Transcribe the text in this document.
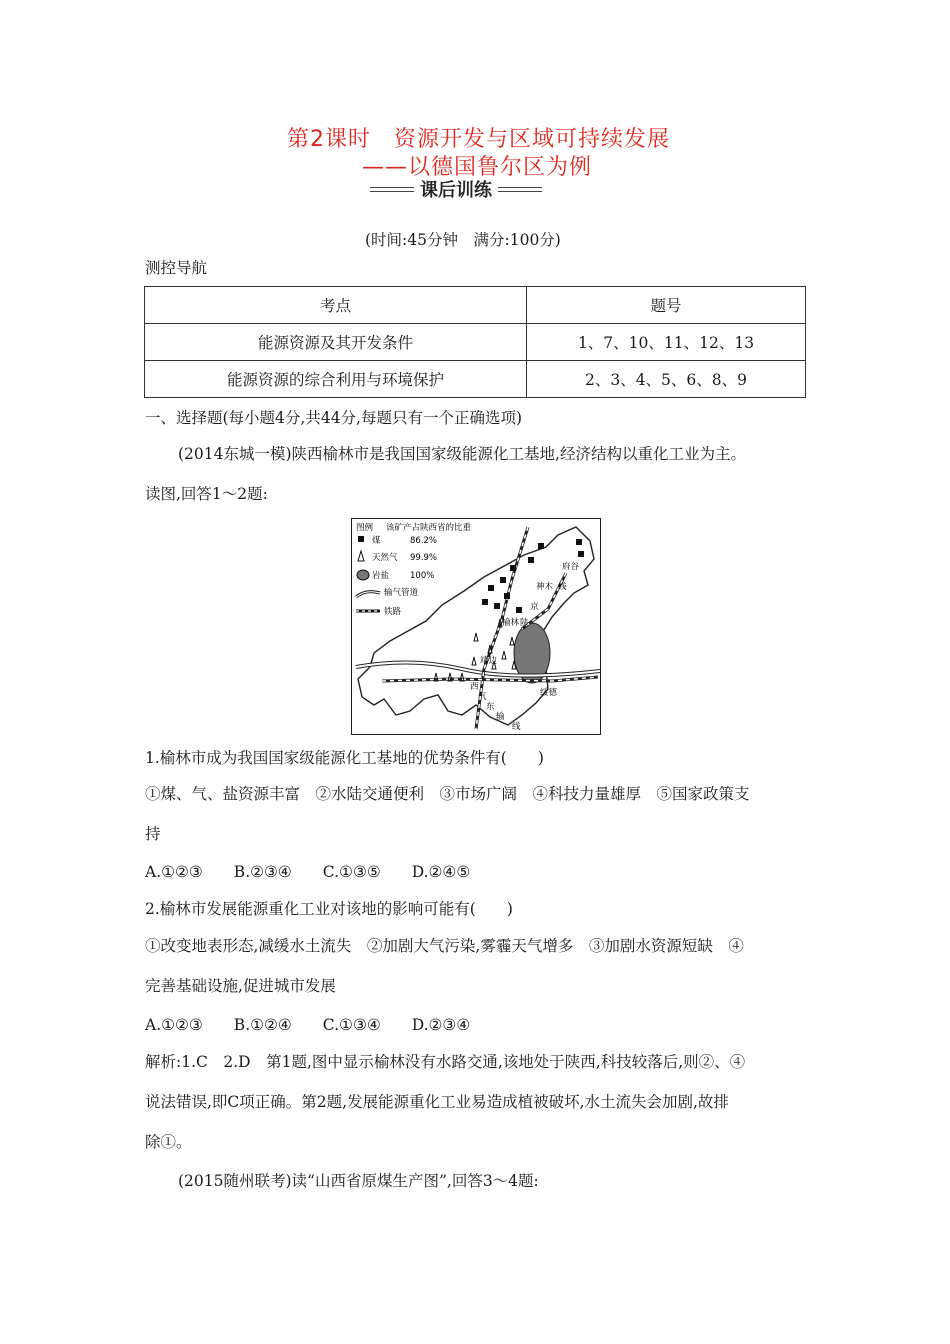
第2课时　资源开发与区域可持续发展
——以德国鲁尔区为例
课后训练
(时间:45分钟　满分:100分)
测控导航
考点	题号
能源资源及其开发条件	1、7、10、11、12、13
能源资源的综合利用与环境保护	2、3、4、5、6、8、9
一、选择题(每小题4分,共44分,每题只有一个正确选项)
(2014东城一模)陕西榆林市是我国国家级能源化工基地,经济结构以重化工业为主。
读图,回答1～2题:
图例 该矿产占陕西省的比重
煤	86.2%
天然气 99.9%
岩盐 100%
输气管道
铁路
府谷
神木 线
京
陕
榆林
靖边
西
气
东
输
绥德
线
1.榆林市成为我国国家级能源化工基地的优势条件有(　　)
①煤、气、盐资源丰富　②水陆交通便利　③市场广阔　④科技力量雄厚　⑤国家政策支
持
A.①②③　　B.②③④　　C.①③⑤　　D.②④⑤
2.榆林市发展能源重化工业对该地的影响可能有(　　)
①改变地表形态,减缓水土流失　②加剧大气污染,雾霾天气增多　③加剧水资源短缺　④
完善基础设施,促进城市发展
A.①②③　　B.①②④　　C.①③④　　D.②③④
解析:1.C　2.D　第1题,图中显示榆林没有水路交通,该地处于陕西,科技较落后,则②、④
说法错误,即C项正确。第2题,发展能源重化工业易造成植被破坏,水土流失会加剧,故排
除①。
(2015随州联考)读“山西省原煤生产图”,回答3～4题:
